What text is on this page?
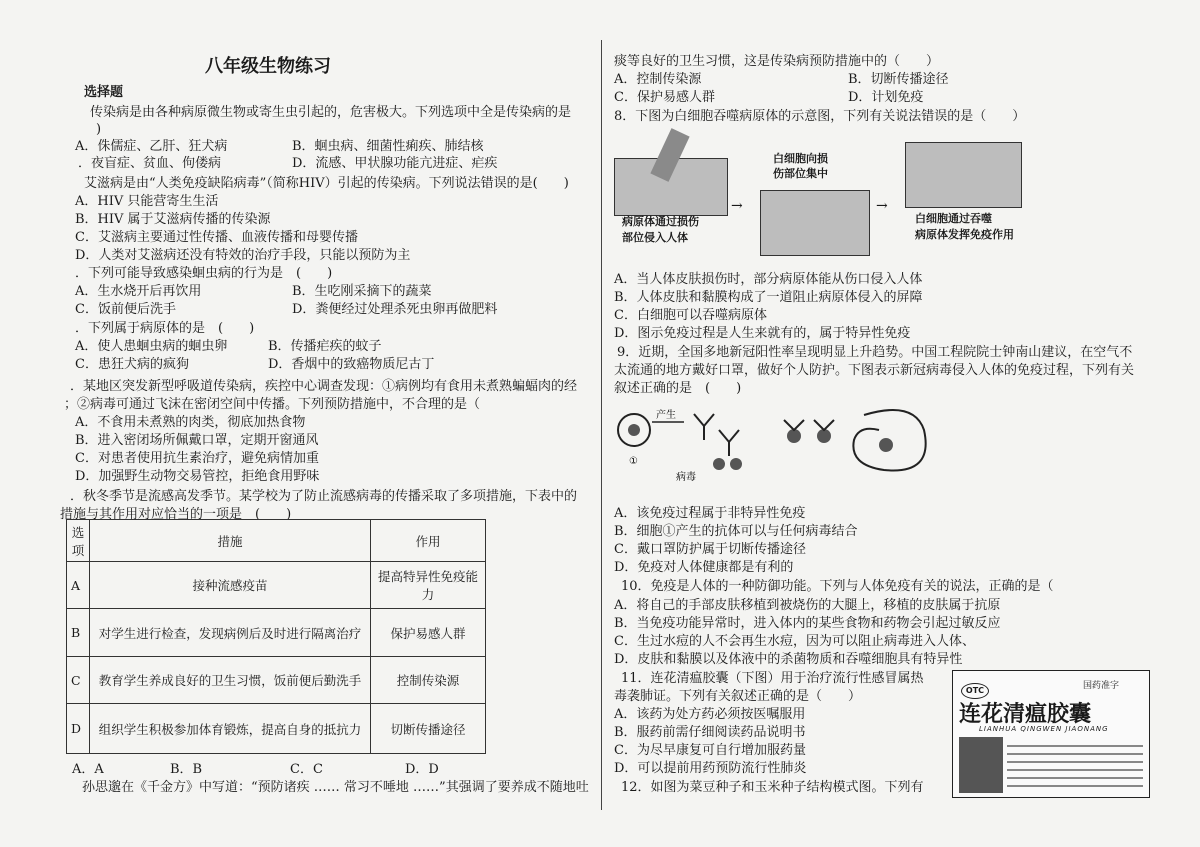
八年级生物练习
选择题
传染病是由各种病原微生物或寄生虫引起的，危害极大。下列选项中全是传染病的是
)
A．侏儒症、乙肝、狂犬病	B．蛔虫病、细菌性痢疾、肺结核
．夜盲症、贫血、佝偻病	D．流感、甲状腺功能亢进症、疟疾
艾滋病是由“人类免疫缺陷病毒”（简称HIV）引起的传染病。下列说法错误的是(　　)
A．HIV 只能营寄生生活
B．HIV 属于艾滋病传播的传染源
C．艾滋病主要通过性传播、血液传播和母婴传播
D．人类对艾滋病还没有特效的治疗手段，只能以预防为主
．下列可能导致感染蛔虫病的行为是　(　　)
A．生水烧开后再饮用	B．生吃刚采摘下的蔬菜
C．饭前便后洗手	D．粪便经过处理杀死虫卵再做肥料
．下列属于病原体的是　(　　)
A．使人患蛔虫病的蛔虫卵	B．传播疟疾的蚊子
C．患狂犬病的疯狗	D．香烟中的致癌物质尼古丁
．某地区突发新型呼吸道传染病，疾控中心调查发现：①病例均有食用未煮熟蝙蝠肉的经
；②病毒可通过飞沫在密闭空间中传播。下列预防措施中，不合理的是（　　
A．不食用未煮熟的肉类，彻底加热食物
B．进入密闭场所佩戴口罩，定期开窗通风
C．对患者使用抗生素治疗，避免病情加重
D．加强野生动物交易管控，拒绝食用野味
．秋冬季节是流感高发季节。某学校为了防止流感病毒的传播采取了多项措施，下表中的
措施与其作用对应恰当的一项是　(　　)
选项	措施	作用
A	接种流感疫苗	提高特异性免疫能力
B	对学生进行检查，发现病例后及时进行隔离治疗	保护易感人群
C	教育学生养成良好的卫生习惯，饭前便后勤洗手	控制传染源
D	组织学生积极参加体育锻炼，提高自身的抵抗力	切断传播途径
A．A	B．B	C．C	D．D
孙思邈在《千金方》中写道：“预防诸疾 …… 常习不唾地 ……”其强调了要养成不随地吐
痰等良好的卫生习惯，这是传染病预防措施中的（　　）
A．控制传染源	B．切断传播途径
C．保护易感人群	D．计划免疫
8．下图为白细胞吞噬病原体的示意图，下列有关说法错误的是（　　）
病原体通过损伤
部位侵入人体
→
白细胞向损
伤部位集中
→
白细胞通过吞噬
病原体发挥免疫作用
A．当人体皮肤损伤时，部分病原体能从伤口侵入人体
B．人体皮肤和黏膜构成了一道阻止病原体侵入的屏障
C．白细胞可以吞噬病原体
D．图示免疫过程是人生来就有的，属于特异性免疫
9．近期，全国多地新冠阳性率呈现明显上升趋势。中国工程院院士钟南山建议，在空气不
太流通的地方戴好口罩，做好个人防护。下图表示新冠病毒侵入人体的免疫过程，下列有关
叙述正确的是　(　　)
产生
①
病毒
A．该免疫过程属于非特异性免疫
B．细胞①产生的抗体可以与任何病毒结合
C．戴口罩防护属于切断传播途径
D．免疫对人体健康都是有利的
10．免疫是人体的一种防御功能。下列与人体免疫有关的说法，正确的是（
A．将自己的手部皮肤移植到被烧伤的大腿上，移植的皮肤属于抗原
B．当免疫功能异常时，进入体内的某些食物和药物会引起过敏反应
C．生过水痘的人不会再生水痘，因为可以阻止病毒进入人体、
D．皮肤和黏膜以及体液中的杀菌物质和吞噬细胞具有特异性
11．连花清瘟胶囊（下图）用于治疗流行性感冒属热
毒袭肺证。下列有关叙述正确的是（　　）
A．该药为处方药必须按医嘱服用
B．服药前需仔细阅读药品说明书
C．为尽早康复可自行增加服药量
D．可以提前用药预防流行性肺炎
12．如图为菜豆种子和玉米种子结构模式图。下列有
OTC	国药准字
连花清瘟胶囊
LIANHUA QINGWEN JIAONANG
